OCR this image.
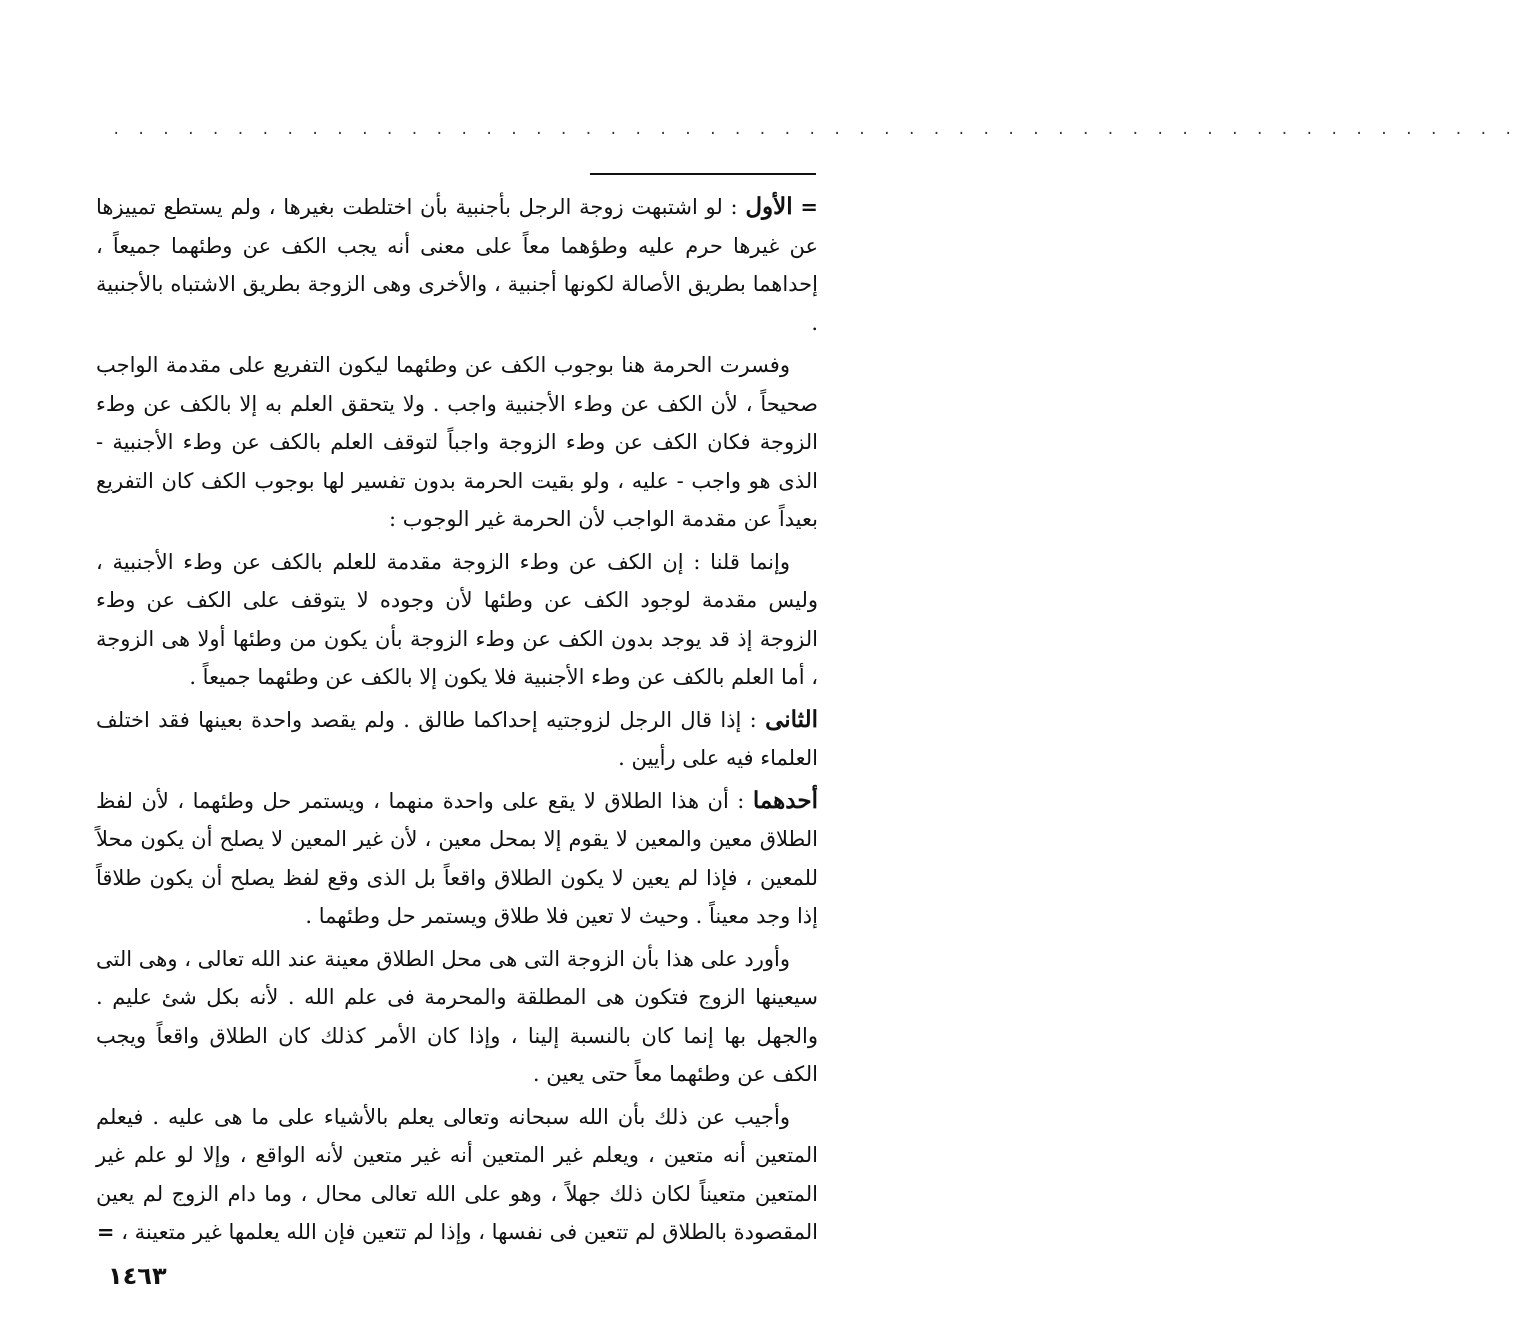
. . . . . . . . . . . . . . . . . . . . . . . . . . . . . . . . . . . . . . . . . . . . . . . . . . . . . . . . .

= الأول : لو اشتبهت زوجة الرجل بأجنبية بأن اختلطت بغيرها ، ولم يستطع تمييزها عن غيرها حرم عليه وطؤهما معاً على معنى أنه يجب الكف عن وطئهما جميعاً ، إحداهما بطريق الأصالة لكونها أجنبية ، والأخرى وهى الزوجة بطريق الاشتباه بالأجنبية .

وفسرت الحرمة هنا بوجوب الكف عن وطئهما ليكون التفريع على مقدمة الواجب صحيحاً ، لأن الكف عن وطء الأجنبية واجب . ولا يتحقق العلم به إلا بالكف عن وطء الزوجة فكان الكف عن وطء الزوجة واجباً لتوقف العلم بالكف عن وطء الأجنبية - الذى هو واجب - عليه ، ولو بقيت الحرمة بدون تفسير لها بوجوب الكف كان التفريع بعيداً عن مقدمة الواجب لأن الحرمة غير الوجوب :

وإنما قلنا : إن الكف عن وطء الزوجة مقدمة للعلم بالكف عن وطء الأجنبية ، وليس مقدمة لوجود الكف عن وطئها لأن وجوده لا يتوقف على الكف عن وطء الزوجة إذ قد يوجد بدون الكف عن وطء الزوجة بأن يكون من وطئها أولا هى الزوجة ، أما العلم بالكف عن وطء الأجنبية فلا يكون إلا بالكف عن وطئهما جميعاً .

الثانى : إذا قال الرجل لزوجتيه إحداكما طالق . ولم يقصد واحدة بعينها فقد اختلف العلماء فيه على رأيين .

أحدهما : أن هذا الطلاق لا يقع على واحدة منهما ، ويستمر حل وطئهما ، لأن لفظ الطلاق معين والمعين لا يقوم إلا بمحل معين ، لأن غير المعين لا يصلح أن يكون محلاً للمعين ، فإذا لم يعين لا يكون الطلاق واقعاً بل الذى وقع لفظ يصلح أن يكون طلاقاً إذا وجد معيناً . وحيث لا تعين فلا طلاق ويستمر حل وطئهما .

وأورد على هذا بأن الزوجة التى هى محل الطلاق معينة عند الله تعالى ، وهى التى سيعينها الزوج فتكون هى المطلقة والمحرمة فى علم الله . لأنه بكل شئ عليم . والجهل بها إنما كان بالنسبة إلينا ، وإذا كان الأمر كذلك كان الطلاق واقعاً ويجب الكف عن وطئهما معاً حتى يعين .

وأجيب عن ذلك بأن الله سبحانه وتعالى يعلم بالأشياء على ما هى عليه . فيعلم المتعين أنه متعين ، ويعلم غير المتعين أنه غير متعين لأنه الواقع ، وإلا لو علم غير المتعين متعيناً لكان ذلك جهلاً ، وهو على الله تعالى محال ، وما دام الزوج لم يعين المقصودة بالطلاق لم تتعين فى نفسها ، وإذا لم تتعين فإن الله يعلمها غير متعينة ، =

١٤٦٣
